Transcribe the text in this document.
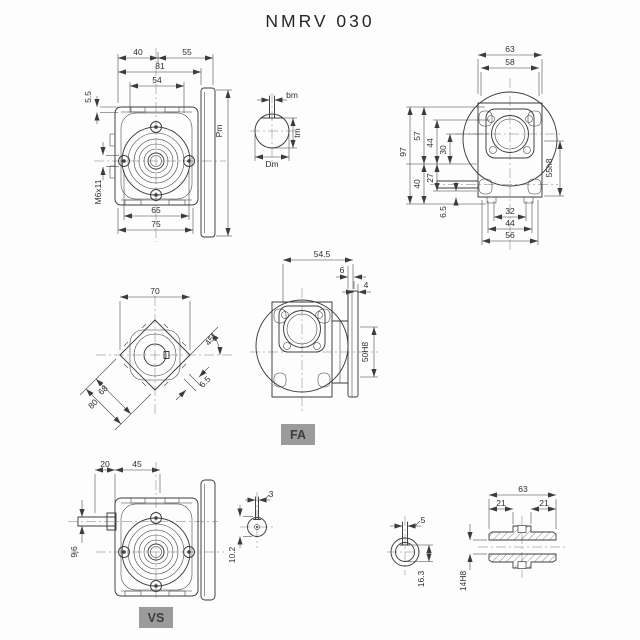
NMRV 030
40	55
81
54
5.5
M6x11
Pm
65
75
bm
tm
Dm
63
58
97
57
40
44
27
30
6.5
55h8
32
44
56
70
45°
68
80
6.5
54.5
6
4
50H8
FA
20	45
9j6
VS
3
10.2
5
16.3
63
21	21
14H8
